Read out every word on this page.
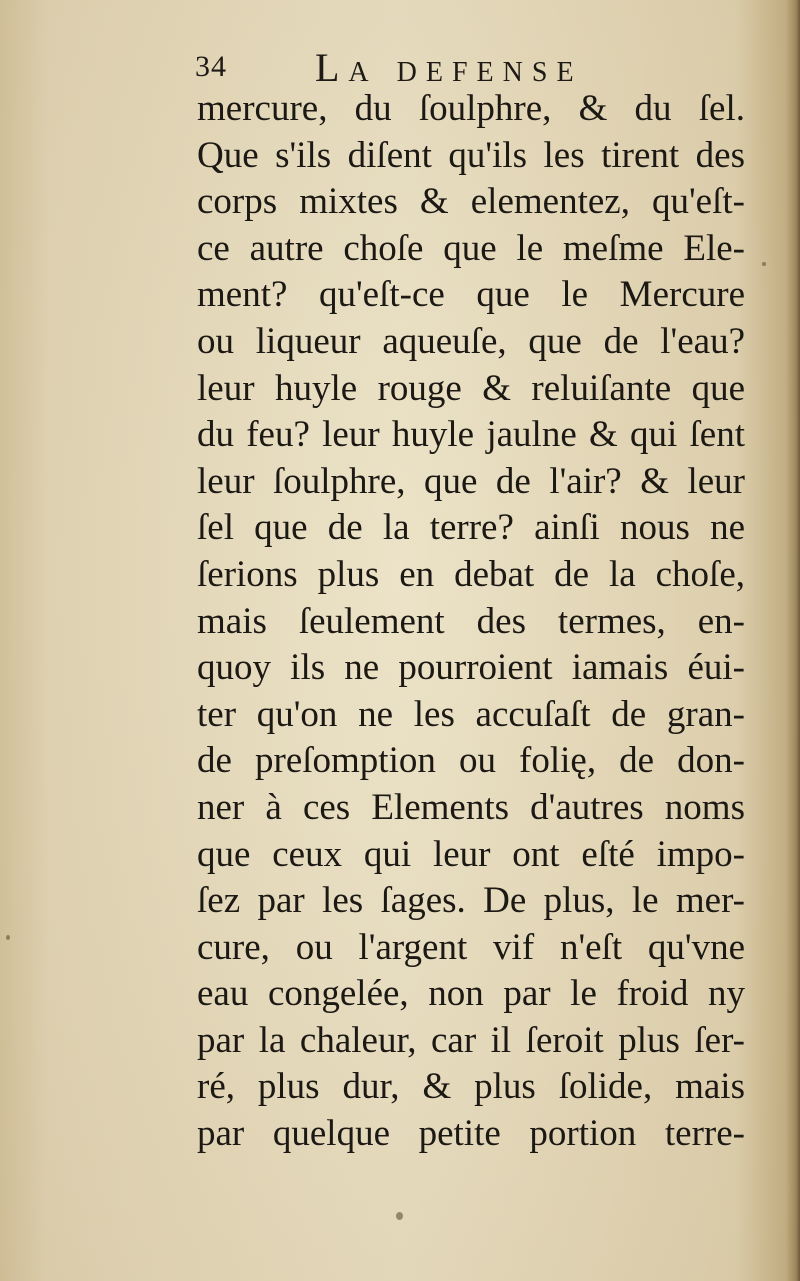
34 La defense
mercure, du ſoulphre, & du ſel.
Que s'ils diſent qu'ils les tirent des
corps mixtes & elementez, qu'eſt-
ce autre choſe que le meſme Ele-
ment? qu'eſt-ce que le Mercure
ou liqueur aqueuſe, que de l'eau?
leur huyle rouge & reluiſante que
du feu? leur huyle jaulne & qui ſent
leur ſoulphre, que de l'air? & leur
ſel que de la terre? ainſi nous ne
ſerions plus en debat de la choſe,
mais ſeulement des termes, en-
quoy ils ne pourroient iamais éui-
ter qu'on ne les accuſaſt de gran-
de preſomption ou folię, de don-
ner à ces Elements d'autres noms
que ceux qui leur ont eſté impo-
ſez par les ſages. De plus, le mer-
cure, ou l'argent vif n'eſt qu'vne
eau congelée, non par le froid ny
par la chaleur, car il ſeroit plus ſer-
ré, plus dur, & plus ſolide, mais
par quelque petite portion terre-
